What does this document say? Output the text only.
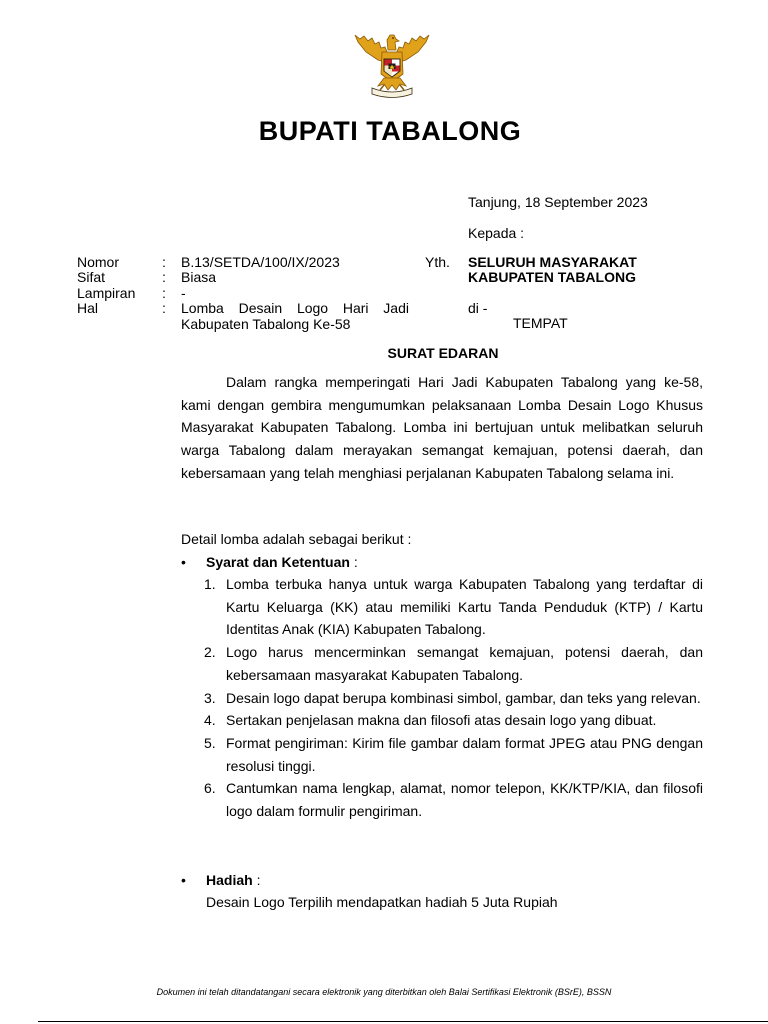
BUPATI TABALONG
Tanjung, 18 September 2023
Kepada :
Yth. SELURUH MASYARAKAT
KABUPATEN TABALONG
di -
TEMPAT
Nomor	: B.13/SETDA/100/IX/2023
Sifat	: Biasa
Lampiran : -
Hal	: Lomba Desain Logo Hari Jadi Kabupaten Tabalong Ke-58
SURAT EDARAN
Dalam rangka memperingati Hari Jadi Kabupaten Tabalong yang ke-58, kami dengan gembira mengumumkan pelaksanaan Lomba Desain Logo Khusus Masyarakat Kabupaten Tabalong. Lomba ini bertujuan untuk melibatkan seluruh warga Tabalong dalam merayakan semangat kemajuan, potensi daerah, dan kebersamaan yang telah menghiasi perjalanan Kabupaten Tabalong selama ini.
Detail lomba adalah sebagai berikut :
• Syarat dan Ketentuan :
1. Lomba terbuka hanya untuk warga Kabupaten Tabalong yang terdaftar di Kartu Keluarga (KK) atau memiliki Kartu Tanda Penduduk (KTP) / Kartu Identitas Anak (KIA) Kabupaten Tabalong.
2. Logo harus mencerminkan semangat kemajuan, potensi daerah, dan kebersamaan masyarakat Kabupaten Tabalong.
3. Desain logo dapat berupa kombinasi simbol, gambar, dan teks yang relevan.
4. Sertakan penjelasan makna dan filosofi atas desain logo yang dibuat.
5. Format pengiriman: Kirim file gambar dalam format JPEG atau PNG dengan resolusi tinggi.
6. Cantumkan nama lengkap, alamat, nomor telepon, KK/KTP/KIA, dan filosofi logo dalam formulir pengiriman.
• Hadiah :
Desain Logo Terpilih mendapatkan hadiah 5 Juta Rupiah
Dokumen ini telah ditandatangani secara elektronik yang diterbitkan oleh Balai Sertifikasi Elektronik (BSrE), BSSN
